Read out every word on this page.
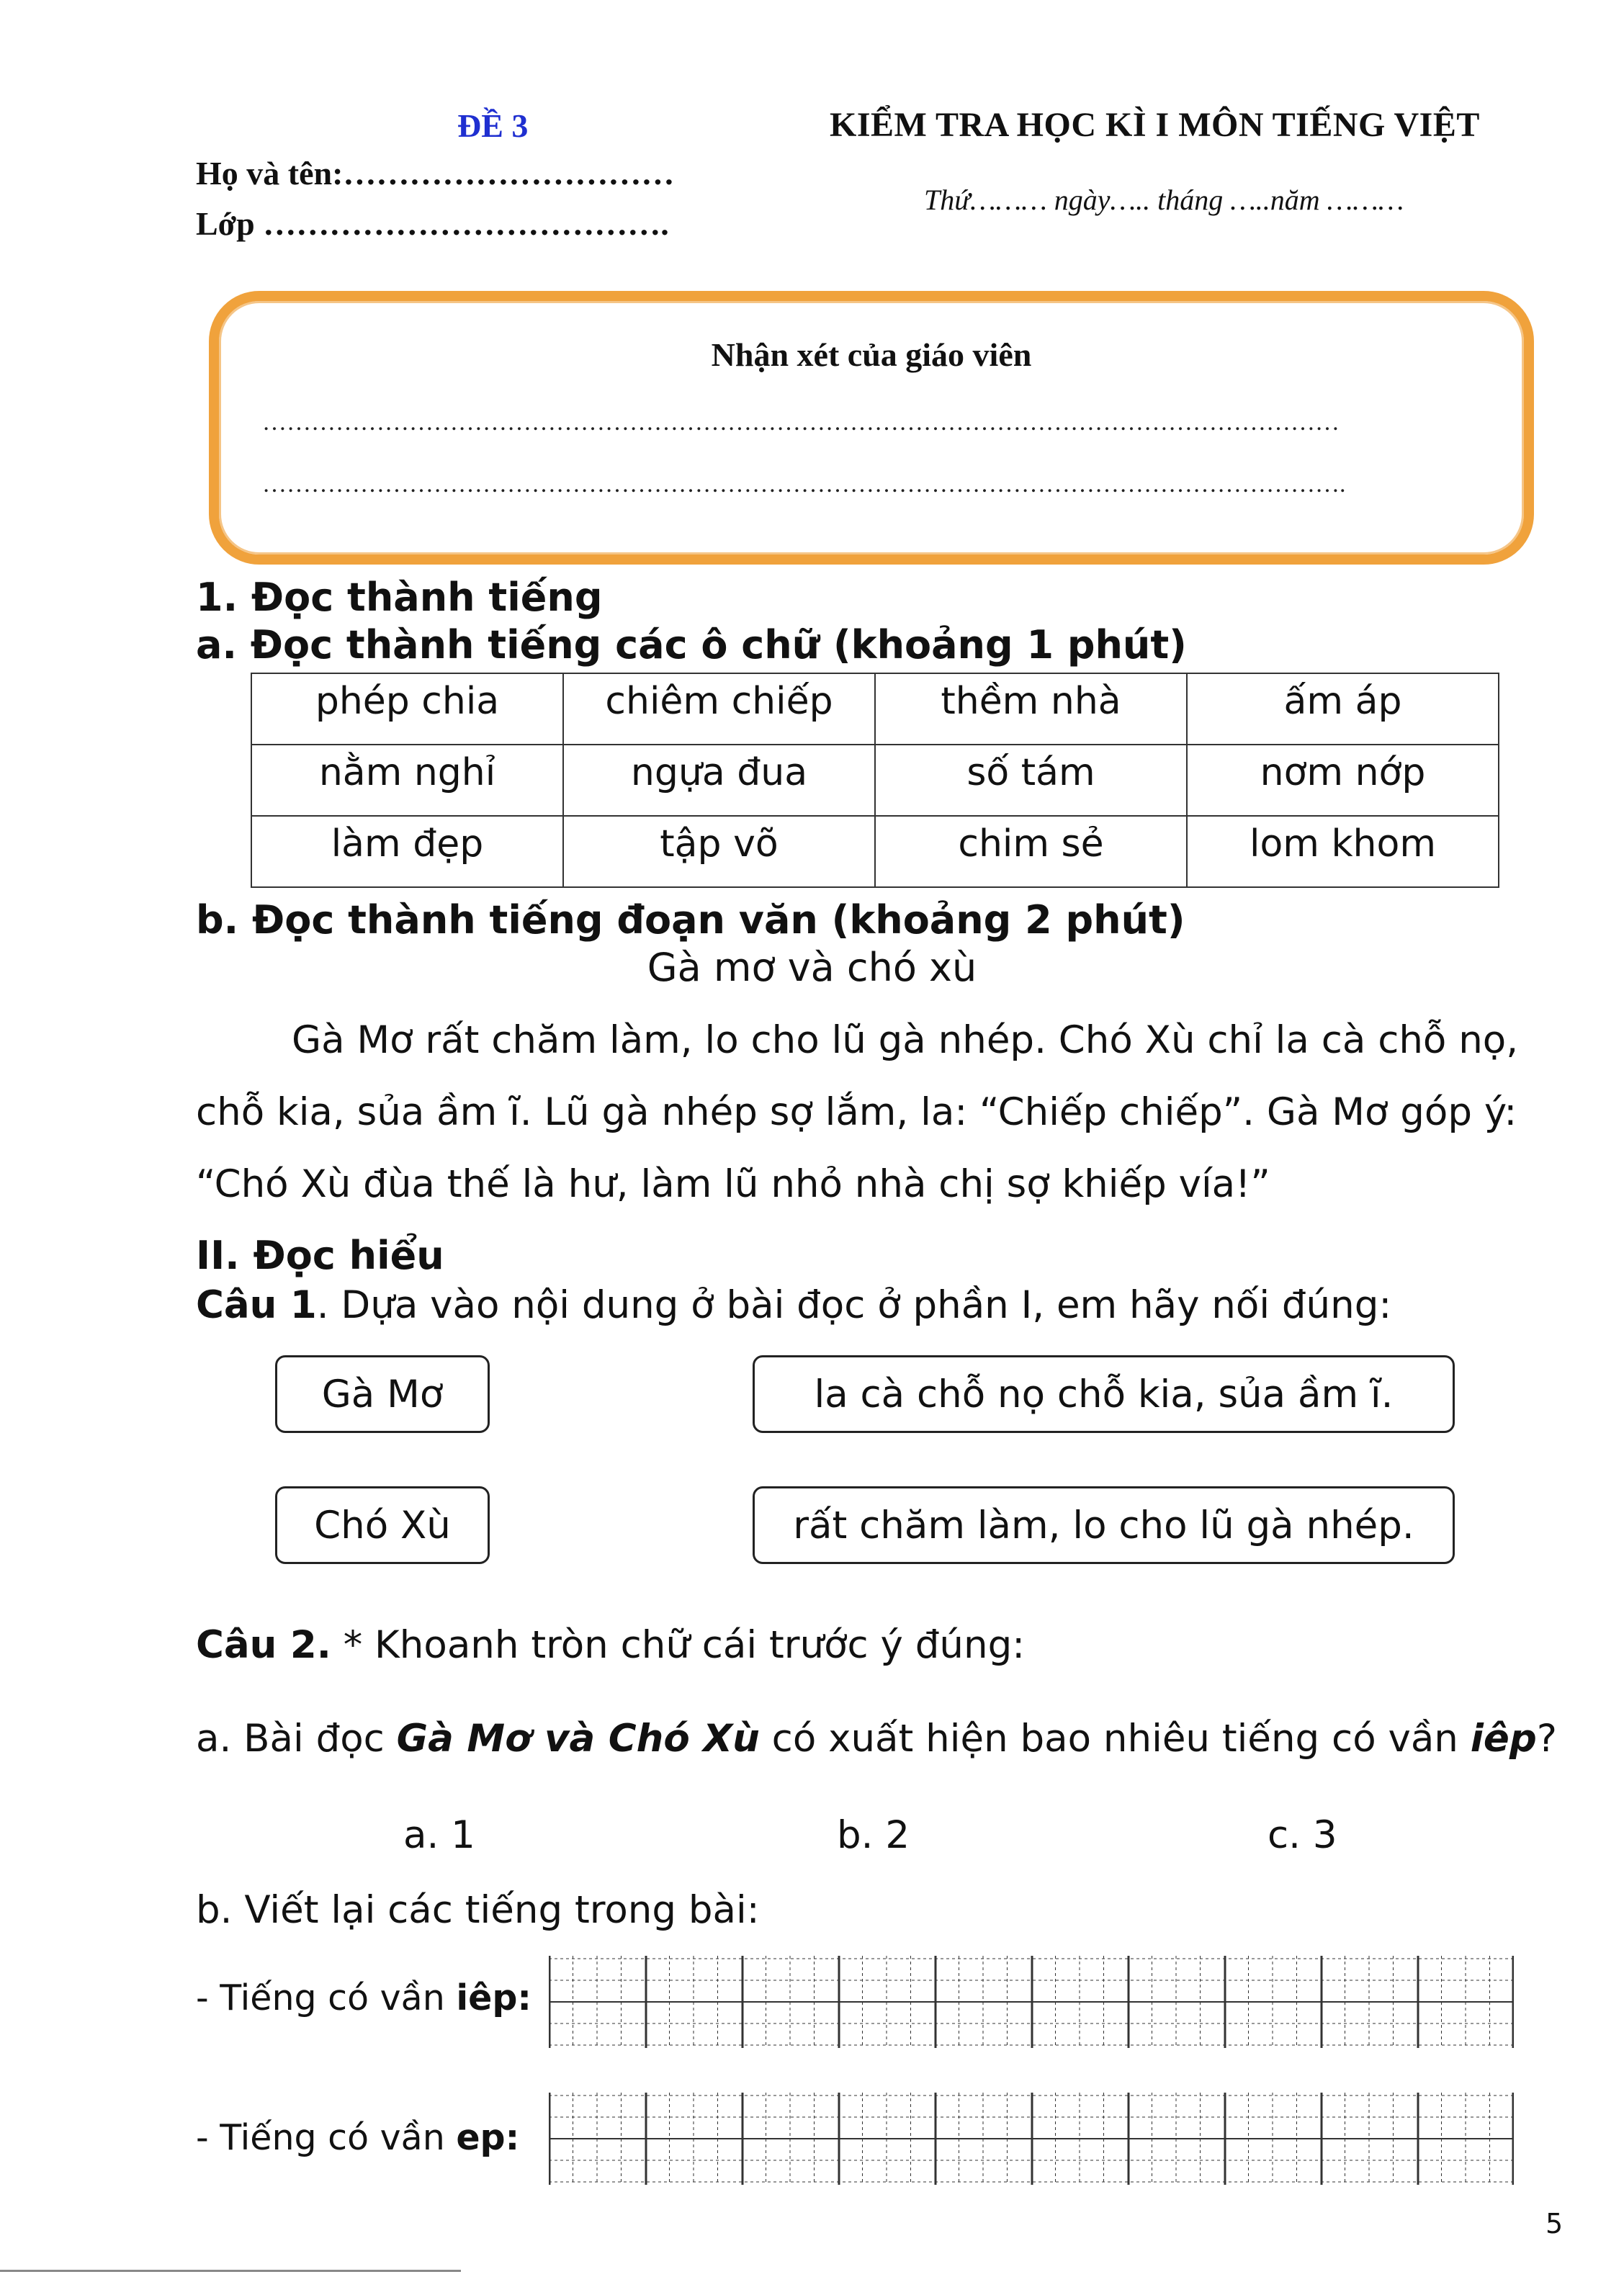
ĐỀ 3	KIỂM TRA HỌC KÌ I MÔN TIẾNG VIỆT
Họ và tên:…………………………
Lớp ……………………………….
Thứ……… ngày….. tháng …..năm ………
Nhận xét của giáo viên
……………………………………………………………………………………………………………………
…………………………………………………………………………………………………………………….
1. Đọc thành tiếng
a. Đọc thành tiếng các ô chữ (khoảng 1 phút)
phép chia	chiêm chiếp	thềm nhà	ấm áp
nằm nghỉ	ngựa đua	số tám	nơm nớp
làm đẹp	tập võ	chim sẻ	lom khom
b. Đọc thành tiếng đoạn văn (khoảng 2 phút)
Gà mơ và chó xù
Gà Mơ rất chăm làm, lo cho lũ gà nhép. Chó Xù chỉ la cà chỗ nọ,
chỗ kia, sủa ầm ĩ. Lũ gà nhép sợ lắm, la: “Chiếp chiếp”. Gà Mơ góp ý:
“Chó Xù đùa thế là hư, làm lũ nhỏ nhà chị sợ khiếp vía!”
II. Đọc hiểu
Câu 1. Dựa vào nội dung ở bài đọc ở phần I, em hãy nối đúng:
Gà Mơ
Chó Xù
la cà chỗ nọ chỗ kia, sủa ầm ĩ.
rất chăm làm, lo cho lũ gà nhép.
Câu 2. * Khoanh tròn chữ cái trước ý đúng:
a. Bài đọc Gà Mơ và Chó Xù có xuất hiện bao nhiêu tiếng có vần iêp?
a. 1	b. 2	c. 3
b. Viết lại các tiếng trong bài:
- Tiếng có vần iêp:
- Tiếng có vần ep:
5
